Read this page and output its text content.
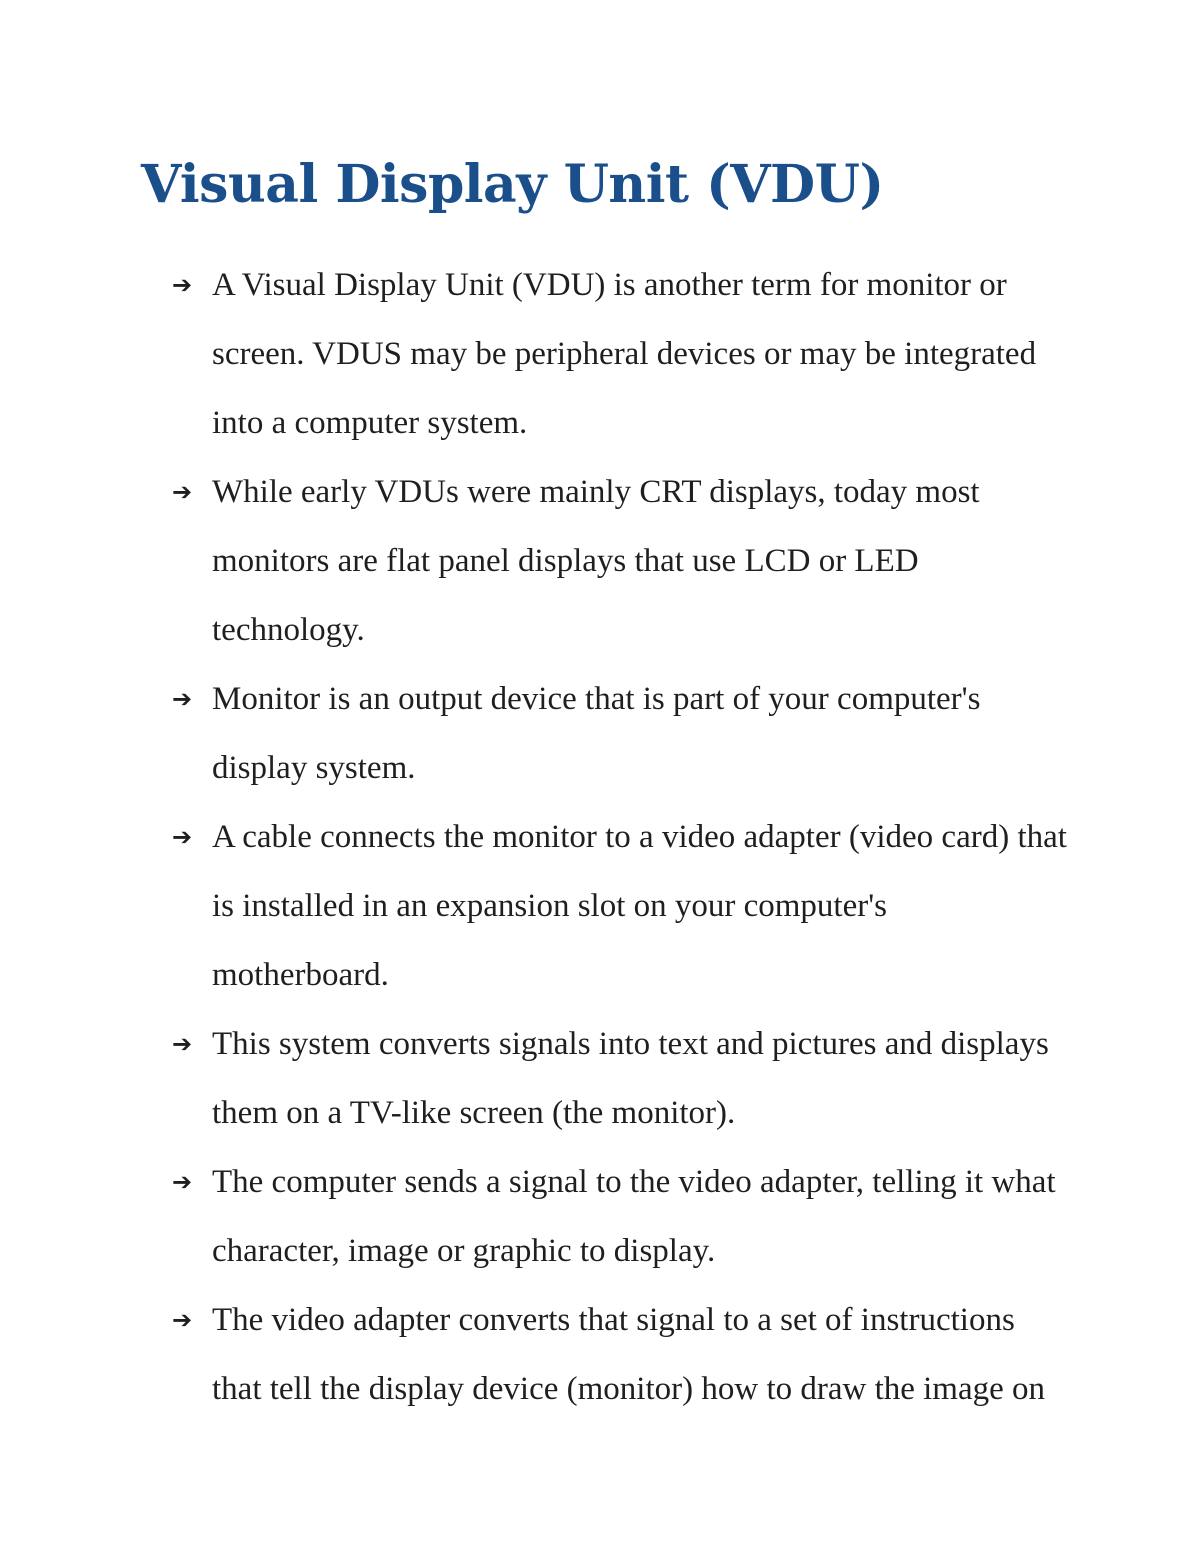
Visual Display Unit (VDU)
➔ A Visual Display Unit (VDU) is another term for monitor or screen. VDUS may be peripheral devices or may be integrated into a computer system.
➔ While early VDUs were mainly CRT displays, today most monitors are flat panel displays that use LCD or LED technology.
➔ Monitor is an output device that is part of your computer's display system.
➔ A cable connects the monitor to a video adapter (video card) that is installed in an expansion slot on your computer's motherboard.
➔ This system converts signals into text and pictures and displays them on a TV-like screen (the monitor).
➔ The computer sends a signal to the video adapter, telling it what character, image or graphic to display.
➔ The video adapter converts that signal to a set of instructions that tell the display device (monitor) how to draw the image on
